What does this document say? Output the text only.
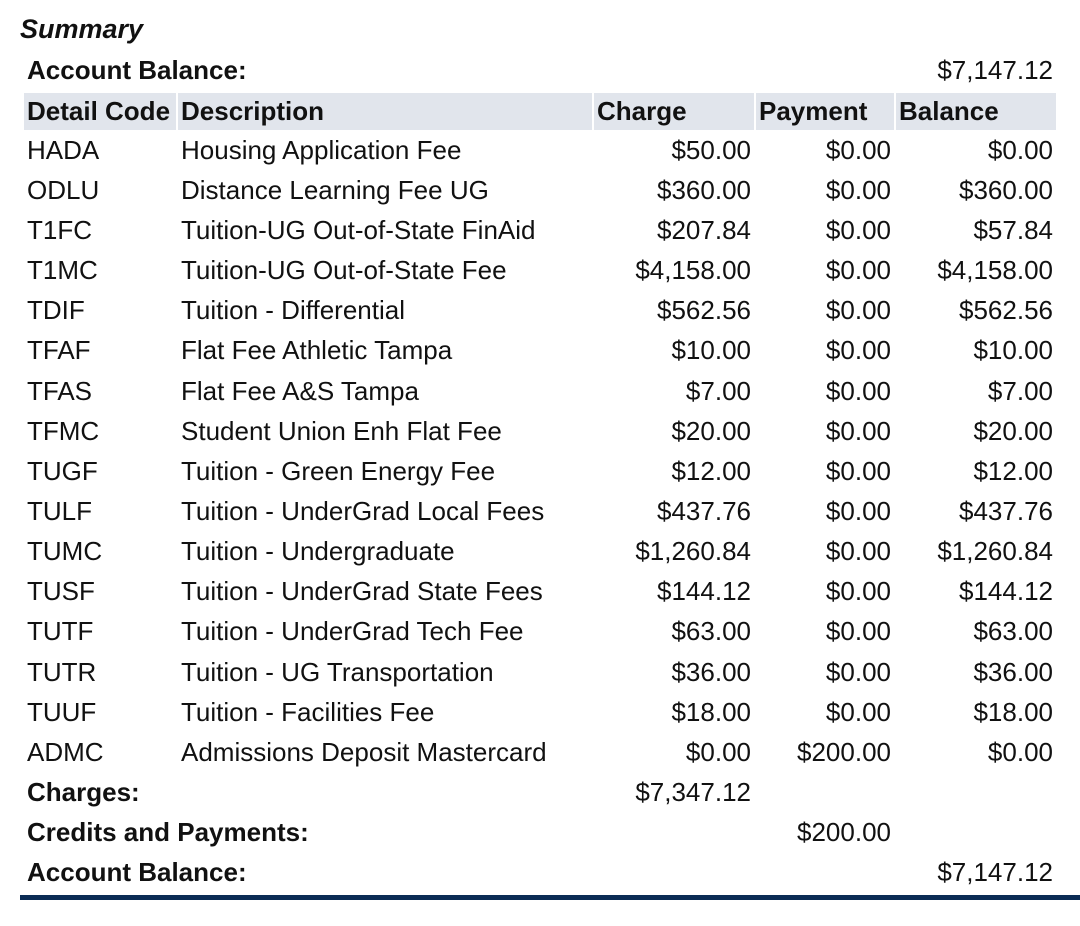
Summary
Account Balance:				$7,147.12

Detail Code	Description	Charge	Payment	Balance
HADA	Housing Application Fee	$50.00	$0.00	$0.00
ODLU	Distance Learning Fee UG	$360.00	$0.00	$360.00
T1FC	Tuition-UG Out-of-State FinAid	$207.84	$0.00	$57.84
T1MC	Tuition-UG Out-of-State Fee	$4,158.00	$0.00	$4,158.00
TDIF	Tuition - Differential	$562.56	$0.00	$562.56
TFAF	Flat Fee Athletic Tampa	$10.00	$0.00	$10.00
TFAS	Flat Fee A&S Tampa	$7.00	$0.00	$7.00
TFMC	Student Union Enh Flat Fee	$20.00	$0.00	$20.00
TUGF	Tuition - Green Energy Fee	$12.00	$0.00	$12.00
TULF	Tuition - UnderGrad Local Fees	$437.76	$0.00	$437.76
TUMC	Tuition - Undergraduate	$1,260.84	$0.00	$1,260.84
TUSF	Tuition - UnderGrad State Fees	$144.12	$0.00	$144.12
TUTF	Tuition - UnderGrad Tech Fee	$63.00	$0.00	$63.00
TUTR	Tuition - UG Transportation	$36.00	$0.00	$36.00
TUUF	Tuition - Facilities Fee	$18.00	$0.00	$18.00
ADMC	Admissions Deposit Mastercard	$0.00	$200.00	$0.00
Charges:		$7,347.12		
Credits and Payments:			$200.00	
Account Balance:				$7,147.12
